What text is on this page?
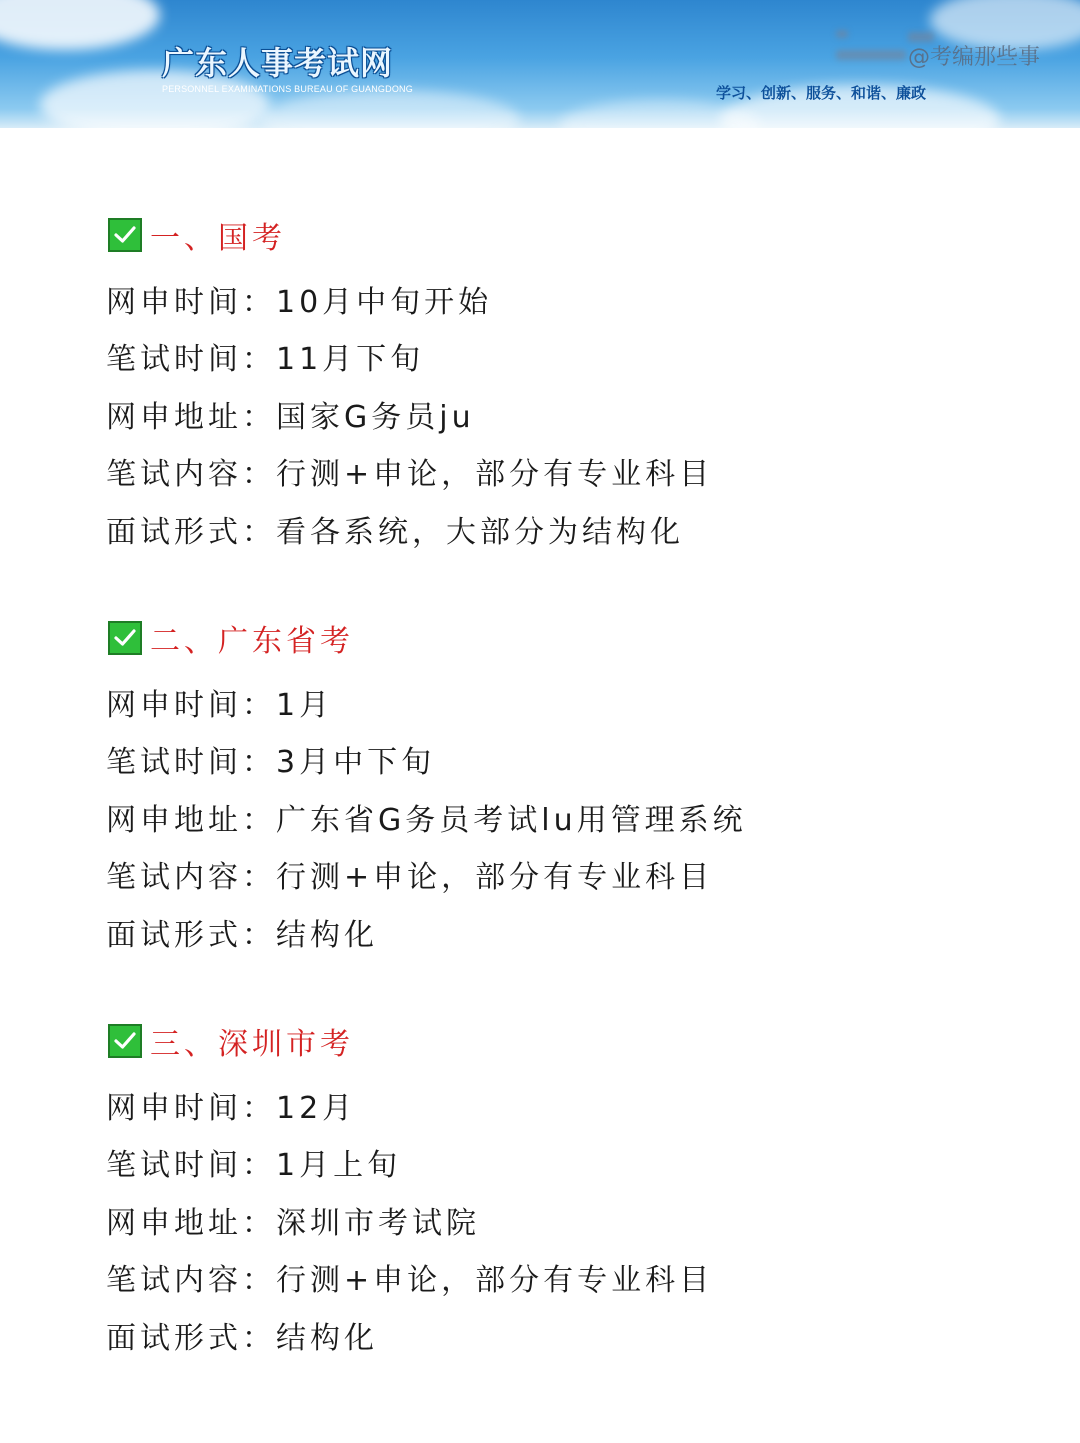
广东人事考试网
PERSONNEL EXAMINATIONS BUREAU OF GUANGDONG	学习、创新、服务、和谐、廉政
@考编那些事
一、国考
网申时间： 10月中旬开始
笔试时间： 11月下旬
网申地址： 国家G务员ju
笔试内容： 行测+申论，部分有专业科目
面试形式： 看各系统，大部分为结构化
二、广东省考
网申时间： 1月
笔试时间： 3月中下旬
网申地址： 广东省G务员考试lu用管理系统
笔试内容： 行测+申论，部分有专业科目
面试形式： 结构化
三、深圳市考
网申时间： 12月
笔试时间： 1月上旬
网申地址： 深圳市考试院
笔试内容： 行测+申论，部分有专业科目
面试形式： 结构化
